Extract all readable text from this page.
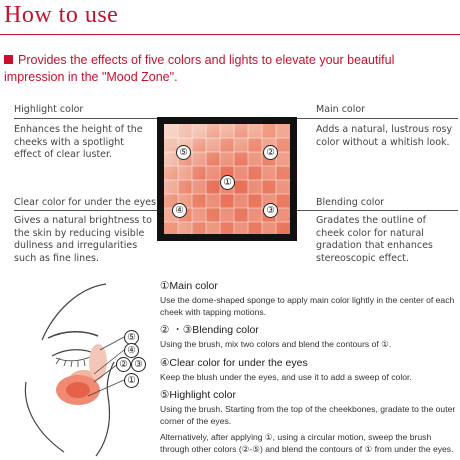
How to use
Provides the effects of five colors and lights to elevate your beautiful impression in the "Mood Zone".
Highlight color
Enhances the height of the cheeks with a spotlight effect of clear luster.
Clear color for under the eyes
Gives a natural brightness to the skin by reducing visible dullness and irregularities such as fine lines.
Main color
Adds a natural, lustrous rosy color without a whitish look.
Blending color
Gradates the outline of cheek color for natural gradation that enhances stereoscopic effect.
⑤	②
①
④	③
⑤
④
② ③
①
①Main color
Use the dome-shaped sponge to apply main color lightly in the center of each cheek with tapping motions.
② ・③Blending color
Using the brush, mix two colors and blend the contours of ①.
④Clear color for under the eyes
Keep the blush under the eyes, and use it to add a sweep of color.
⑤Highlight color
Using the brush. Starting from the top of the cheekbones, gradate to the outer corner of the eyes.
Alternatively, after applying ①, using a circular motion, sweep the brush through other colors (②-⑤) and blend the contours of ① from under the eyes.
